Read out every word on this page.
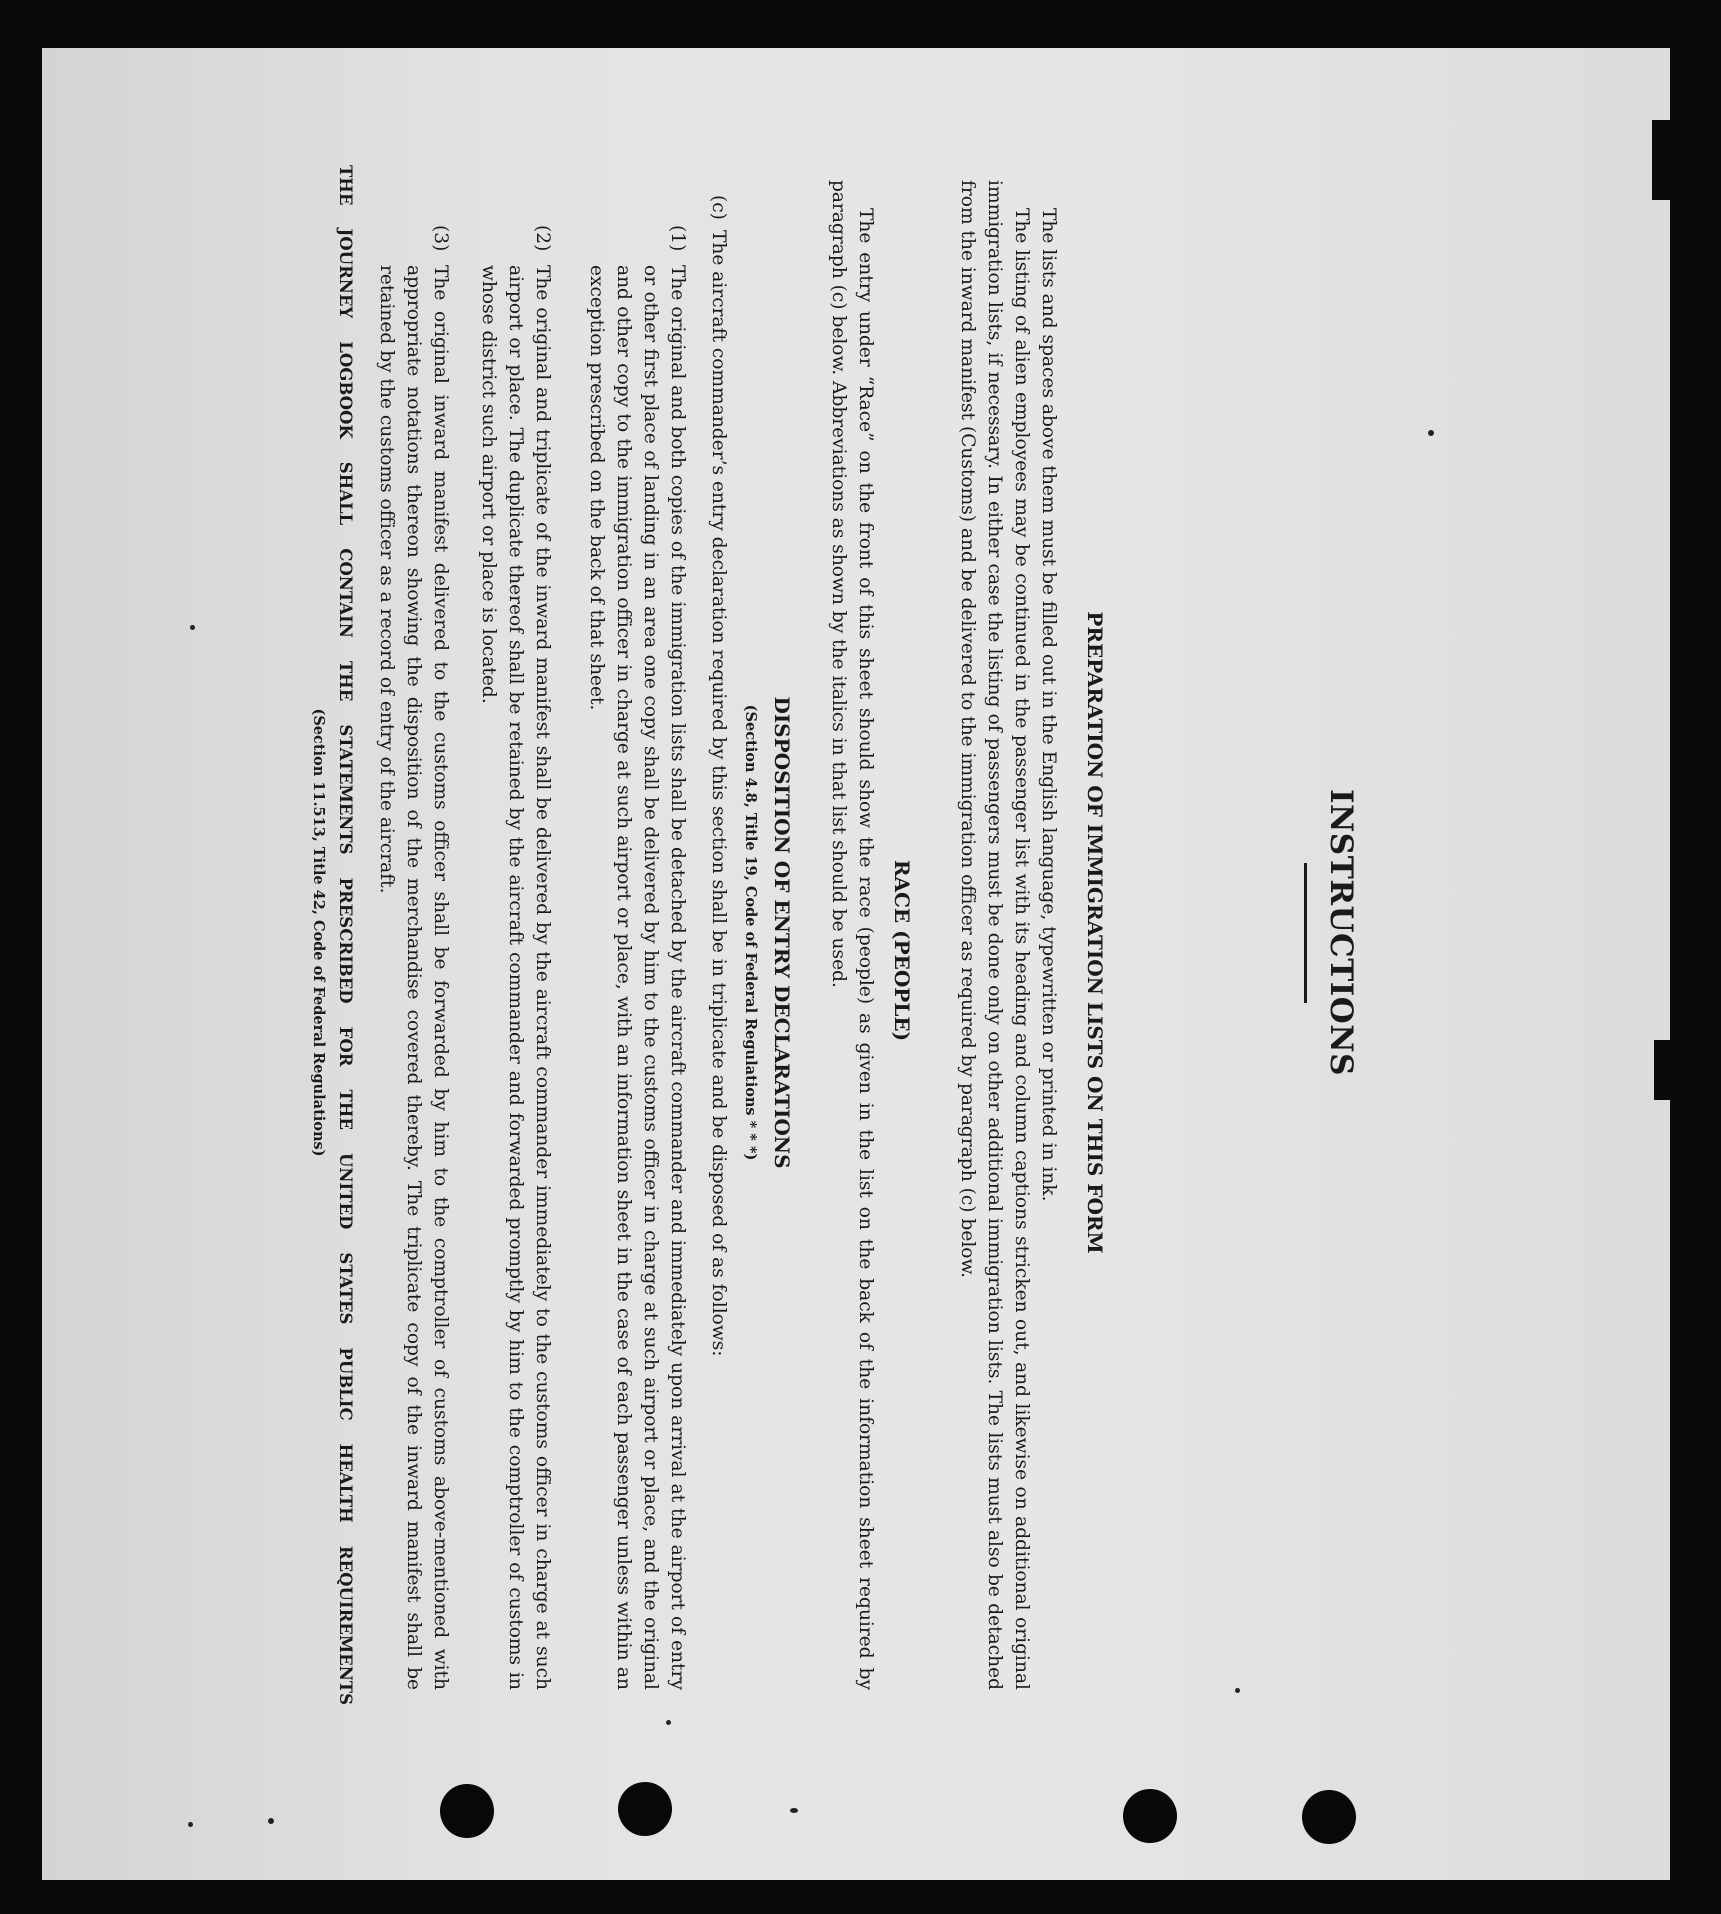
INSTRUCTIONS
PREPARATION OF IMMIGRATION LISTS ON THIS FORM
The lists and spaces above them must be filled out in the English language, typewritten or printed in ink.
The listing of alien employees may be continued in the passenger list with its heading and column captions stricken out, and likewise on additional original immigration lists, if necessary. In either case the listing of passengers must be done only on other additional immigration lists. The lists must also be detached from the inward manifest (Customs) and be delivered to the immigration officer as required by paragraph (c) below.
RACE (PEOPLE)
The entry under “Race” on the front of this sheet should show the race (people) as given in the list on the back of the information sheet required by paragraph (c) below. Abbreviations as shown by the italics in that list should be used.
DISPOSITION OF ENTRY DECLARATIONS
(Section 4.8, Title 19, Code of Federal Regulations * * *)
(c)
The aircraft commander’s entry declaration required by this section shall be in triplicate and be disposed of as follows:
(1)
The original and both copies of the immigration lists shall be detached by the aircraft commander and immediately upon arrival at the airport of entry or other first place of landing in an area one copy shall be delivered by him to the customs officer in charge at such airport or place, and the original and other copy to the immigration officer in charge at such airport or place, with an information sheet in the case of each passenger unless within an exception prescribed on the back of that sheet.
(2)
The original and triplicate of the inward manifest shall be delivered by the aircraft commander immediately to the customs officer in charge at such airport or place. The duplicate thereof shall be retained by the aircraft commander and forwarded promptly by him to the comptroller of customs in whose district such airport or place is located.
(3)
The original inward manifest delivered to the customs officer shall be forwarded by him to the comptroller of customs above-mentioned with appropriate notations thereon showing the disposition of the merchandise covered thereby. The triplicate copy of the inward manifest shall be retained by the customs officer as a record of entry of the aircraft.
THE JOURNEY LOGBOOK SHALL CONTAIN THE STATEMENTS PRESCRIBED FOR THE UNITED STATES PUBLIC HEALTH REQUIREMENTS
(Section 11.513, Title 42, Code of Federal Regulations)
